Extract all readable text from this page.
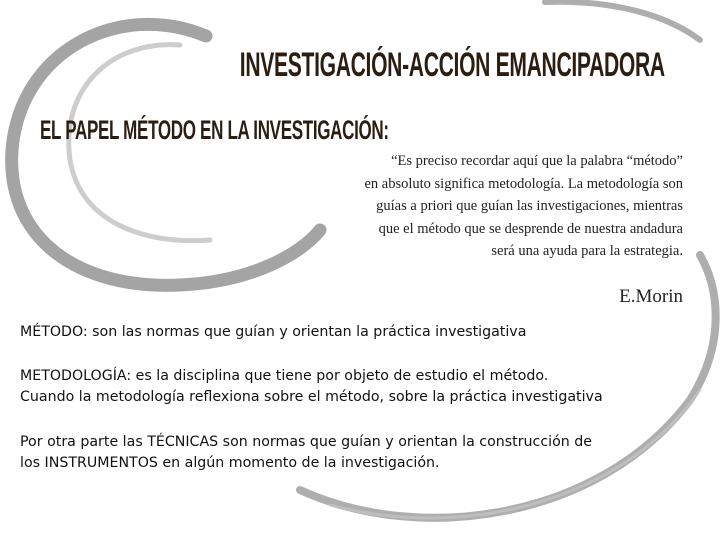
INVESTIGACIÓN-ACCIÓN EMANCIPADORA
EL PAPEL MÉTODO EN LA INVESTIGACIÓN:
“Es preciso recordar aquí que la palabra “método”
en absoluto significa metodología. La metodología son
guías a priori que guían las investigaciones, mientras
que el método que se desprende de nuestra andadura
será una ayuda para la estrategia.

E.Morin

MÉTODO: son las normas que guían y orientan la práctica investigativa

METODOLOGÍA: es la disciplina que tiene por objeto de estudio el método.
Cuando la metodología reflexiona sobre el método, sobre la práctica investigativa

Por otra parte las TÉCNICAS son normas que guían y orientan la construcción de
los INSTRUMENTOS en algún momento de la investigación.
